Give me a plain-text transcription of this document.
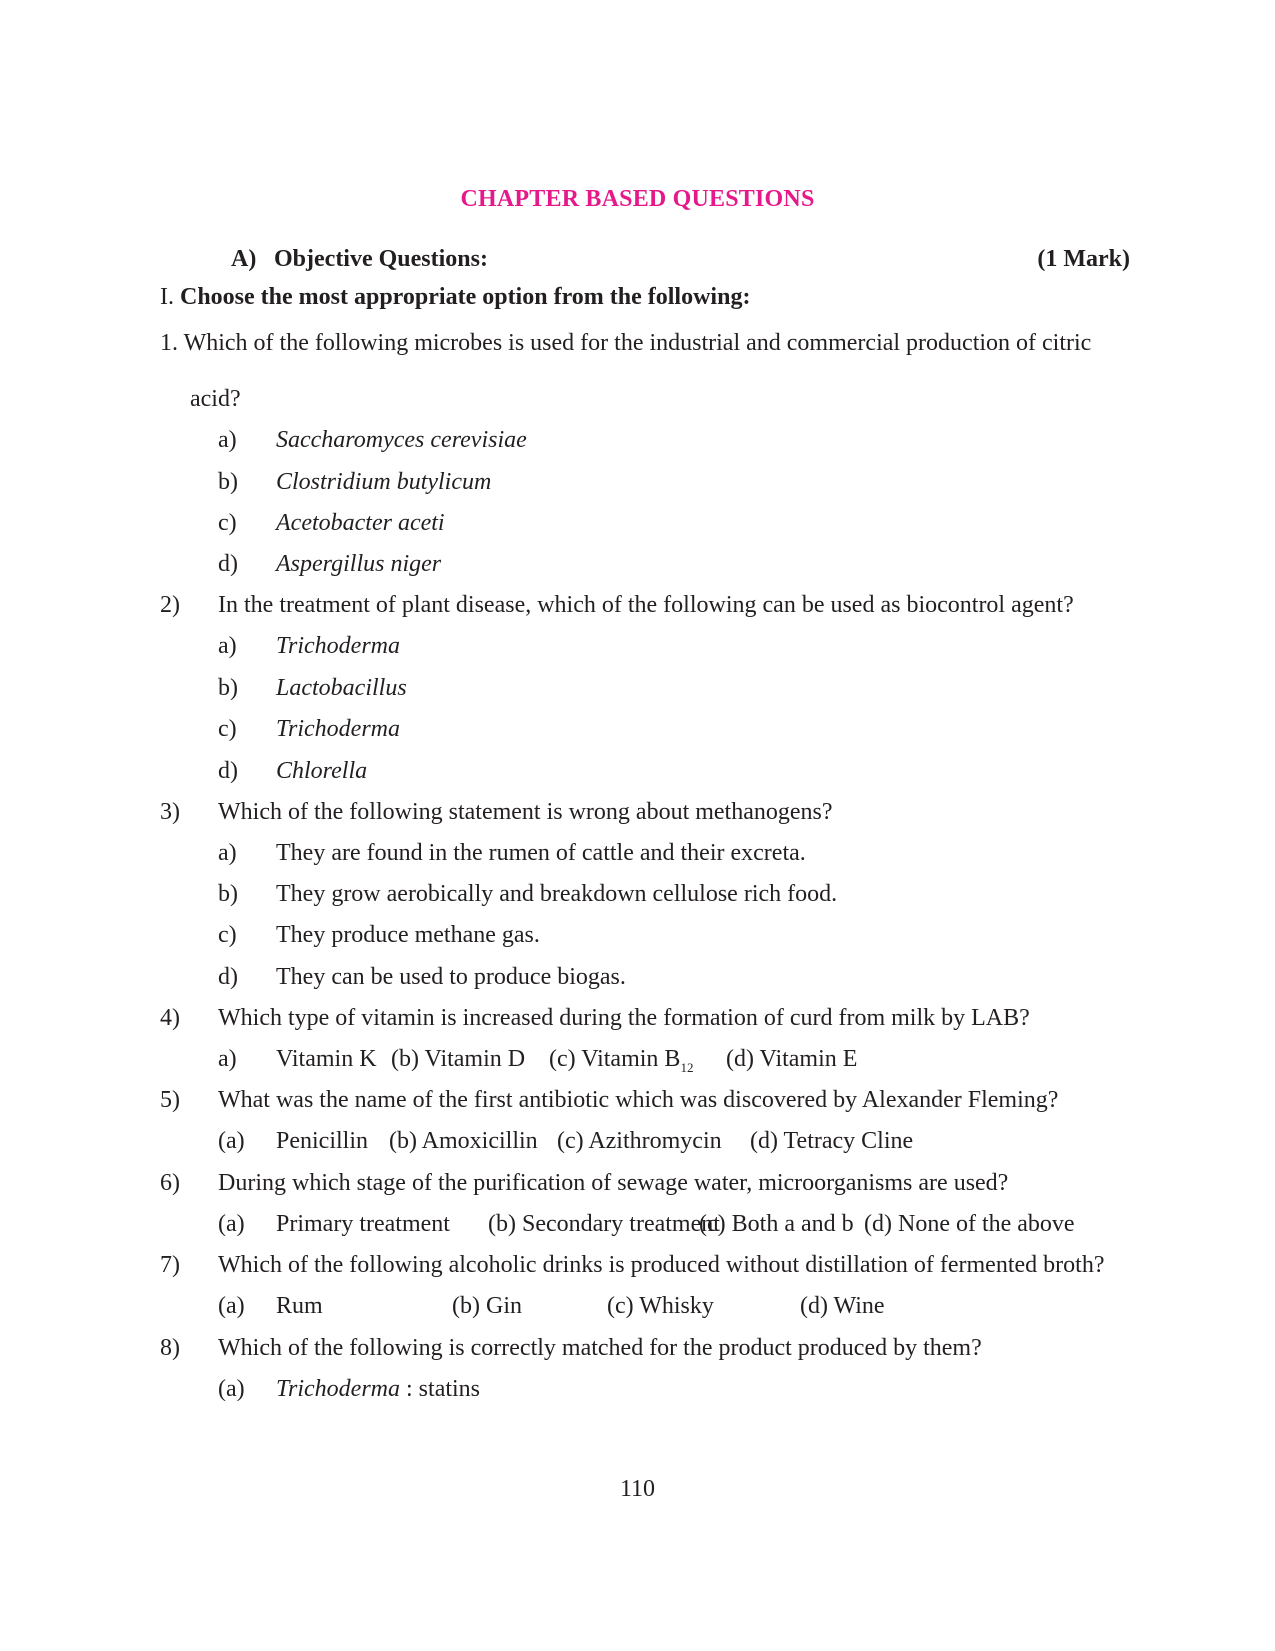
CHAPTER BASED QUESTIONS
A) Objective Questions:	(1 Mark)
I. Choose the most appropriate option from the following:
1. Which of the following microbes is used for the industrial and commercial production of citric
acid?
a) Saccharomyces cerevisiae
b) Clostridium butylicum
c) Acetobacter aceti
d) Aspergillus niger
2) In the treatment of plant disease, which of the following can be used as biocontrol agent?
a) Trichoderma
b) Lactobacillus
c) Trichoderma
d) Chlorella
3) Which of the following statement is wrong about methanogens?
a) They are found in the rumen of cattle and their excreta.
b) They grow aerobically and breakdown cellulose rich food.
c) They produce methane gas.
d) They can be used to produce biogas.
4) Which type of vitamin is increased during the formation of curd from milk by LAB?
a) Vitamin K (b) Vitamin D (c) Vitamin $B_{12}$ (d) Vitamin E
5) What was the name of the first antibiotic which was discovered by Alexander Fleming?
(a) Penicillin (b) Amoxicillin (c) Azithromycin (d) Tetracy Cline
6) During which stage of the purification of sewage water, microorganisms are used?
(a) Primary treatment (b) Secondary treatment
(c) Both a and b (d) None of the above
7) Which of the following alcoholic drinks is produced without distillation of fermented broth?
(a) Rum	(b) Gin	(c) Whisky	(d) Wine
8) Which of the following is correctly matched for the product produced by them?
(a) Trichoderma : statins
110
